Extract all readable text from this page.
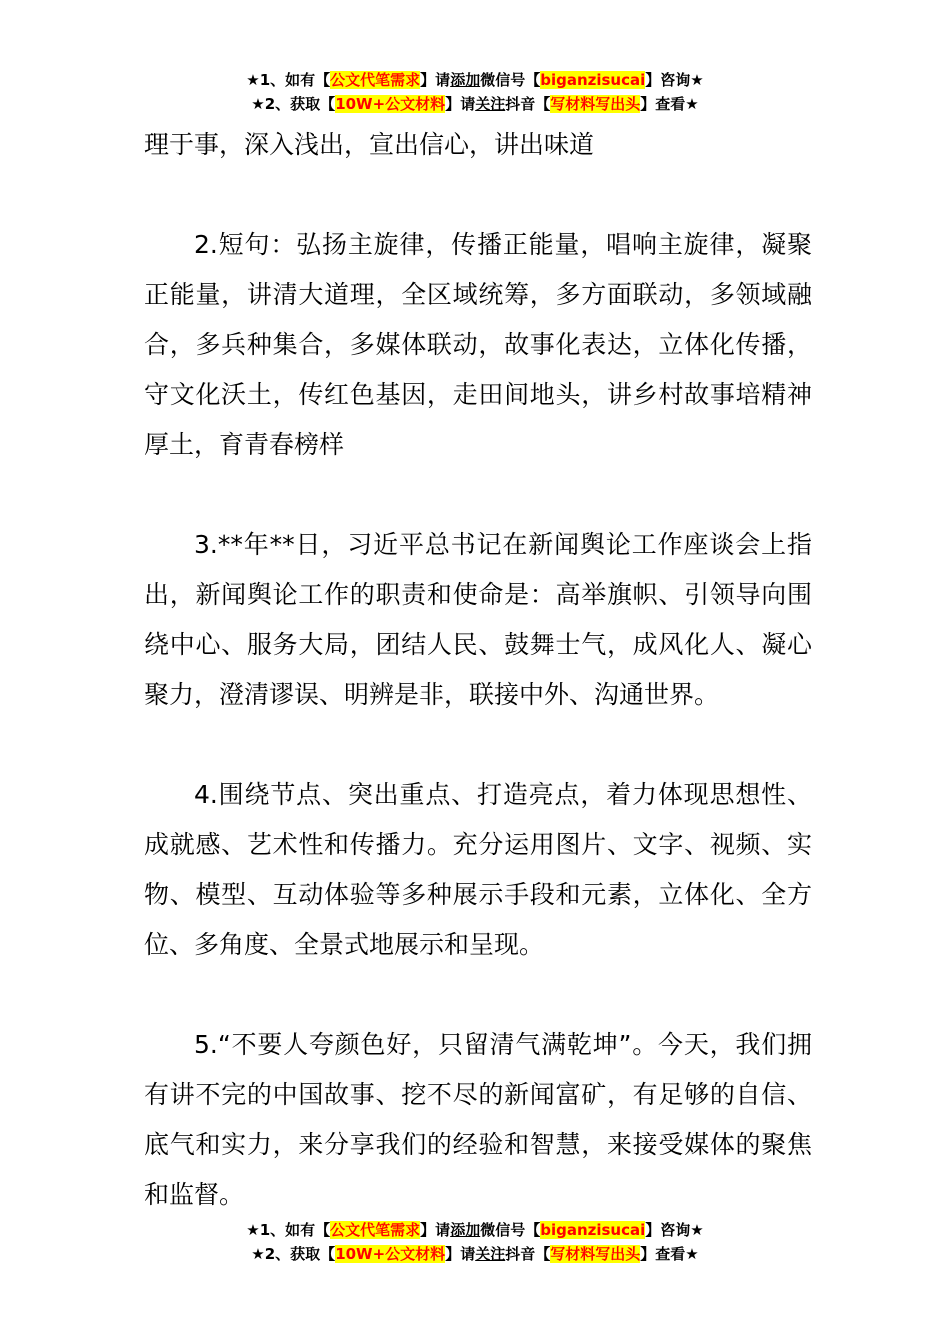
★1、如有【公文代笔需求】请添加微信号【biganzisucai】咨询★
★2、获取【10W+公文材料】请关注抖音【写材料写出头】查看★

理于事，深入浅出，宣出信心，讲出味道

2.短句：弘扬主旋律，传播正能量，唱响主旋律，凝聚正能量，讲清大道理，全区域统筹，多方面联动，多领域融合，多兵种集合，多媒体联动，故事化表达，立体化传播，守文化沃土，传红色基因，走田间地头，讲乡村故事培精神厚土，育青春榜样

3.**年**日，习近平总书记在新闻舆论工作座谈会上指出，新闻舆论工作的职责和使命是：高举旗帜、引领导向围绕中心、服务大局，团结人民、鼓舞士气，成风化人、凝心聚力，澄清谬误、明辨是非，联接中外、沟通世界。

4.围绕节点、突出重点、打造亮点，着力体现思想性、成就感、艺术性和传播力。充分运用图片、文字、视频、实物、模型、互动体验等多种展示手段和元素，立体化、全方位、多角度、全景式地展示和呈现。

5.“不要人夸颜色好，只留清气满乾坤”。今天，我们拥有讲不完的中国故事、挖不尽的新闻富矿，有足够的自信、底气和实力，来分享我们的经验和智慧，来接受媒体的聚焦和监督。

★1、如有【公文代笔需求】请添加微信号【biganzisucai】咨询★
★2、获取【10W+公文材料】请关注抖音【写材料写出头】查看★
